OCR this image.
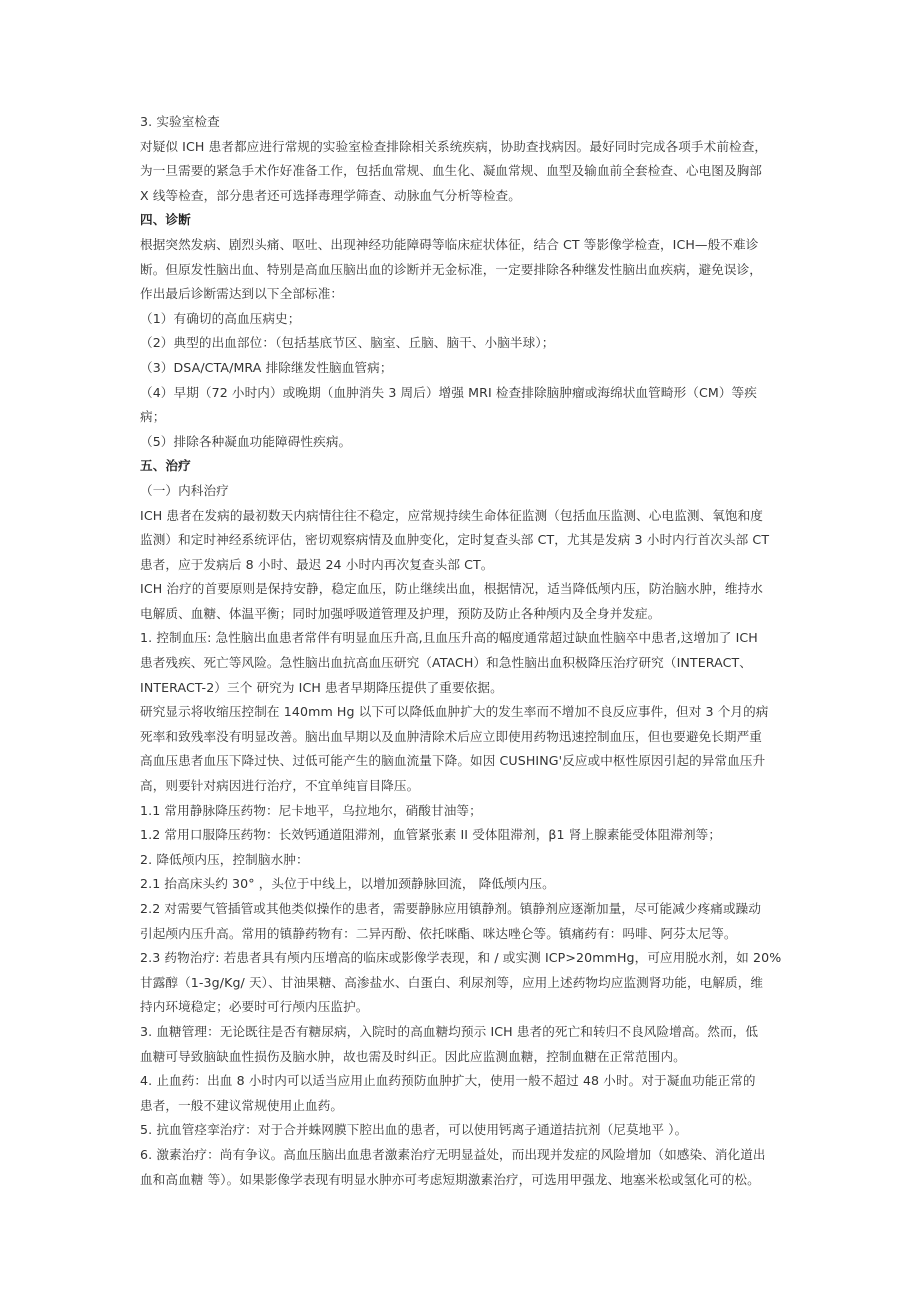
3. 实验室检查
对疑似 ICH 患者都应进行常规的实验室检查排除相关系统疾病，协助查找病因。最好同时完成各项手术前检查，
为一旦需要的紧急手术作好准备工作，包括血常规、血生化、凝血常规、血型及输血前全套检查、心电图及胸部
X 线等检查，部分患者还可选择毒理学筛查、动脉血气分析等检查。
四、诊断
根据突然发病、剧烈头痛、呕吐、出现神经功能障碍等临床症状体征，结合 CT 等影像学检查，ICH—般不难诊
断。但原发性脑出血、特别是高血压脑出血的诊断并无金标准，一定要排除各种继发性脑出血疾病，避免误诊，
作出最后诊断需达到以下全部标准：
（1）有确切的高血压病史；
（2）典型的出血部位：（包括基底节区、脑室、丘脑、脑干、小脑半球）；
（3）DSA/CTA/MRA 排除继发性脑血管病；
（4）早期（72 小时内）或晚期（血肿消失 3 周后）增强 MRI 检查排除脑肿瘤或海绵状血管畸形（CM）等疾
病；
（5）排除各种凝血功能障碍性疾病。
五、治疗
（一）内科治疗
ICH 患者在发病的最初数天内病情往往不稳定，应常规持续生命体征监测（包括血压监测、心电监测、氧饱和度
监测）和定时神经系统评估，密切观察病情及血肿变化，定时复查头部 CT，尤其是发病 3 小时内行首次头部 CT
患者，应于发病后 8 小时、最迟 24 小时内再次复查头部 CT。
ICH 治疗的首要原则是保持安静，稳定血压，防止继续出血，根据情况，适当降低颅内压，防治脑水肿，维持水
电解质、血糖、体温平衡；同时加强呼吸道管理及护理，预防及防止各种颅内及全身并发症。
1. 控制血压: 急性脑出血患者常伴有明显血压升高,且血压升高的幅度通常超过缺血性脑卒中患者,这增加了 ICH
患者残疾、死亡等风险。急性脑出血抗高血压研究（ATACH）和急性脑出血积极降压治疗研究（INTERACT、
INTERACT-2）三个 研究为 ICH 患者早期降压提供了重要依据。
研究显示将收缩压控制在 140mm Hg 以下可以降低血肿扩大的发生率而不增加不良反应事件，但对 3 个月的病
死率和致残率没有明显改善。脑出血早期以及血肿清除术后应立即使用药物迅速控制血压，但也要避免长期严重
高血压患者血压下降过快、过低可能产生的脑血流量下降。如因 CUSHING'反应或中枢性原因引起的异常血压升
高，则要针对病因进行治疗，不宜单纯盲目降压。
1.1 常用静脉降压药物：尼卡地平，乌拉地尔，硝酸甘油等；
1.2 常用口服降压药物：长效钙通道阻滞剂，血管紧张素 II 受体阻滞剂，β1 肾上腺素能受体阻滞剂等；
2. 降低颅内压，控制脑水肿：
2.1 抬高床头约 30° ，头位于中线上，以增加颈静脉回流， 降低颅内压。
2.2 对需要气管插管或其他类似操作的患者，需要静脉应用镇静剂。镇静剂应逐渐加量，尽可能减少疼痛或躁动
引起颅内压升高。常用的镇静药物有：二异丙酚、依托咪酯、咪达唑仑等。镇痛药有：吗啡、阿芬太尼等。
2.3 药物治疗: 若患者具有颅内压增高的临床或影像学表现，和 / 或实测 ICP>20mmHg，可应用脱水剂，如 20%
甘露醇（1-3g/Kg/ 天）、甘油果糖、高渗盐水、白蛋白、利尿剂等，应用上述药物均应监测肾功能，电解质，维
持内环境稳定；必要时可行颅内压监护。
3. 血糖管理：无论既往是否有糖尿病，入院时的高血糖均预示 ICH 患者的死亡和转归不良风险增高。然而，低
血糖可导致脑缺血性损伤及脑水肿，故也需及时纠正。因此应监测血糖，控制血糖在正常范围内。
4. 止血药：出血 8 小时内可以适当应用止血药预防血肿扩大，使用一般不超过 48 小时。对于凝血功能正常的
患者，一般不建议常规使用止血药。
5. 抗血管痉挛治疗：对于合并蛛网膜下腔出血的患者，可以使用钙离子通道拮抗剂（尼莫地平 ）。
6. 激素治疗：尚有争议。高血压脑出血患者激素治疗无明显益处，而出现并发症的风险增加（如感染、消化道出
血和高血糖 等）。如果影像学表现有明显水肿亦可考虑短期激素治疗，可选用甲强龙、地塞米松或氢化可的松。
